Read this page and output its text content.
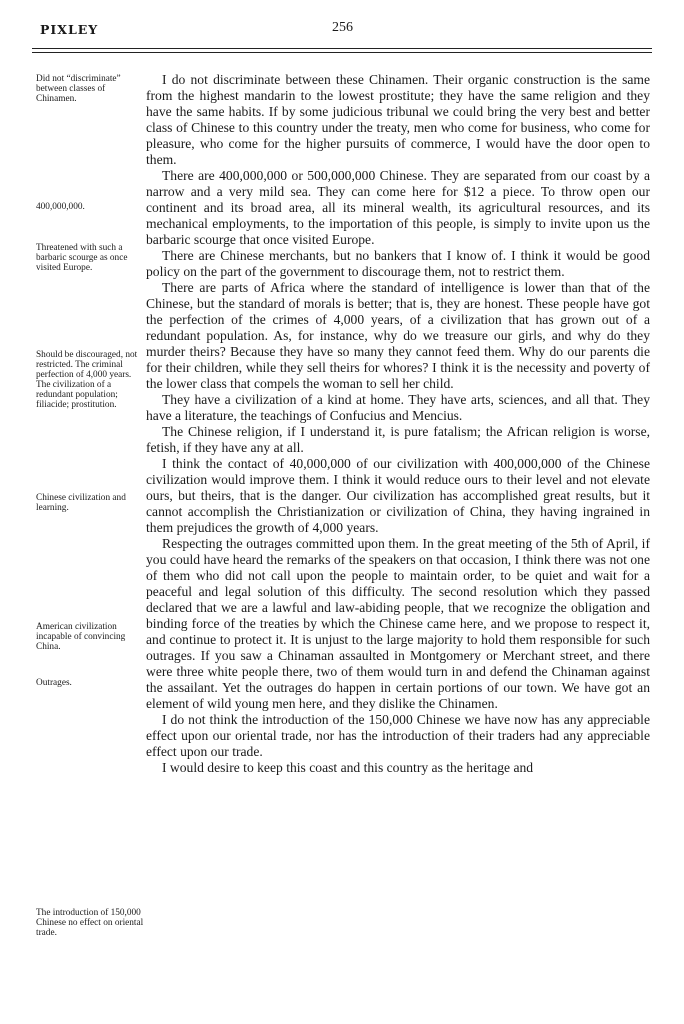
PIXLEY	256
Did not “discriminate” between classes of Chinamen.
400,000,000.
Threatened with such a barbaric scourge as once visited Europe.
Should be discouraged, not restricted. The criminal perfection of 4,000 years. The civilization of a redundant population; filiacide; prostitution.
Chinese civilization and learning.
American civilization incapable of convincing China.
Outrages.
The introduction of 150,000 Chinese no effect on oriental trade.

I do not discriminate between these Chinamen. Their organic construction is the same from the highest mandarin to the lowest prostitute; they have the same religion and they have the same habits. If by some judicious tribunal we could bring the very best and better class of Chinese to this country under the treaty, men who come for business, who come for pleasure, who come for the higher pursuits of commerce, I would have the door open to them.

There are 400,000,000 or 500,000,000 Chinese. They are separated from our coast by a narrow and a very mild sea. They can come here for $12 a piece. To throw open our continent and its broad area, all its mineral wealth, its agricultural resources, and its mechanical employments, to the importation of this people, is simply to invite upon us the barbaric scourge that once visited Europe.

There are Chinese merchants, but no bankers that I know of. I think it would be good policy on the part of the government to discourage them, not to restrict them.

There are parts of Africa where the standard of intelligence is lower than that of the Chinese, but the standard of morals is better; that is, they are honest. These people have got the perfection of the crimes of 4,000 years, of a civilization that has grown out of a redundant population. As, for instance, why do we treasure our girls, and why do they murder theirs? Because they have so many they cannot feed them. Why do our parents die for their children, while they sell theirs for whores? I think it is the necessity and poverty of the lower class that compels the woman to sell her child.

They have a civilization of a kind at home. They have arts, sciences, and all that. They have a literature, the teachings of Confucius and Mencius.

The Chinese religion, if I understand it, is pure fatalism; the African religion is worse, fetish, if they have any at all.

I think the contact of 40,000,000 of our civilization with 400,000,000 of the Chinese civilization would improve them. I think it would reduce ours to their level and not elevate ours, but theirs, that is the danger. Our civilization has accomplished great results, but it cannot accomplish the Christianization or civilization of China, they having ingrained in them prejudices the growth of 4,000 years.

Respecting the outrages committed upon them. In the great meeting of the 5th of April, if you could have heard the remarks of the speakers on that occasion, I think there was not one of them who did not call upon the people to maintain order, to be quiet and wait for a peaceful and legal solution of this difficulty. The second resolution which they passed declared that we are a lawful and law-abiding people, that we recognize the obligation and binding force of the treaties by which the Chinese came here, and we propose to respect it, and continue to protect it. It is unjust to the large majority to hold them responsible for such outrages. If you saw a Chinaman assaulted in Montgomery or Merchant street, and there were three white people there, two of them would turn in and defend the Chinaman against the assailant. Yet the outrages do happen in certain portions of our town. We have got an element of wild young men here, and they dislike the Chinamen.

I do not think the introduction of the 150,000 Chinese we have now has any appreciable effect upon our oriental trade, nor has the introduction of their traders had any appreciable effect upon our trade.

I would desire to keep this coast and this country as the heritage and
